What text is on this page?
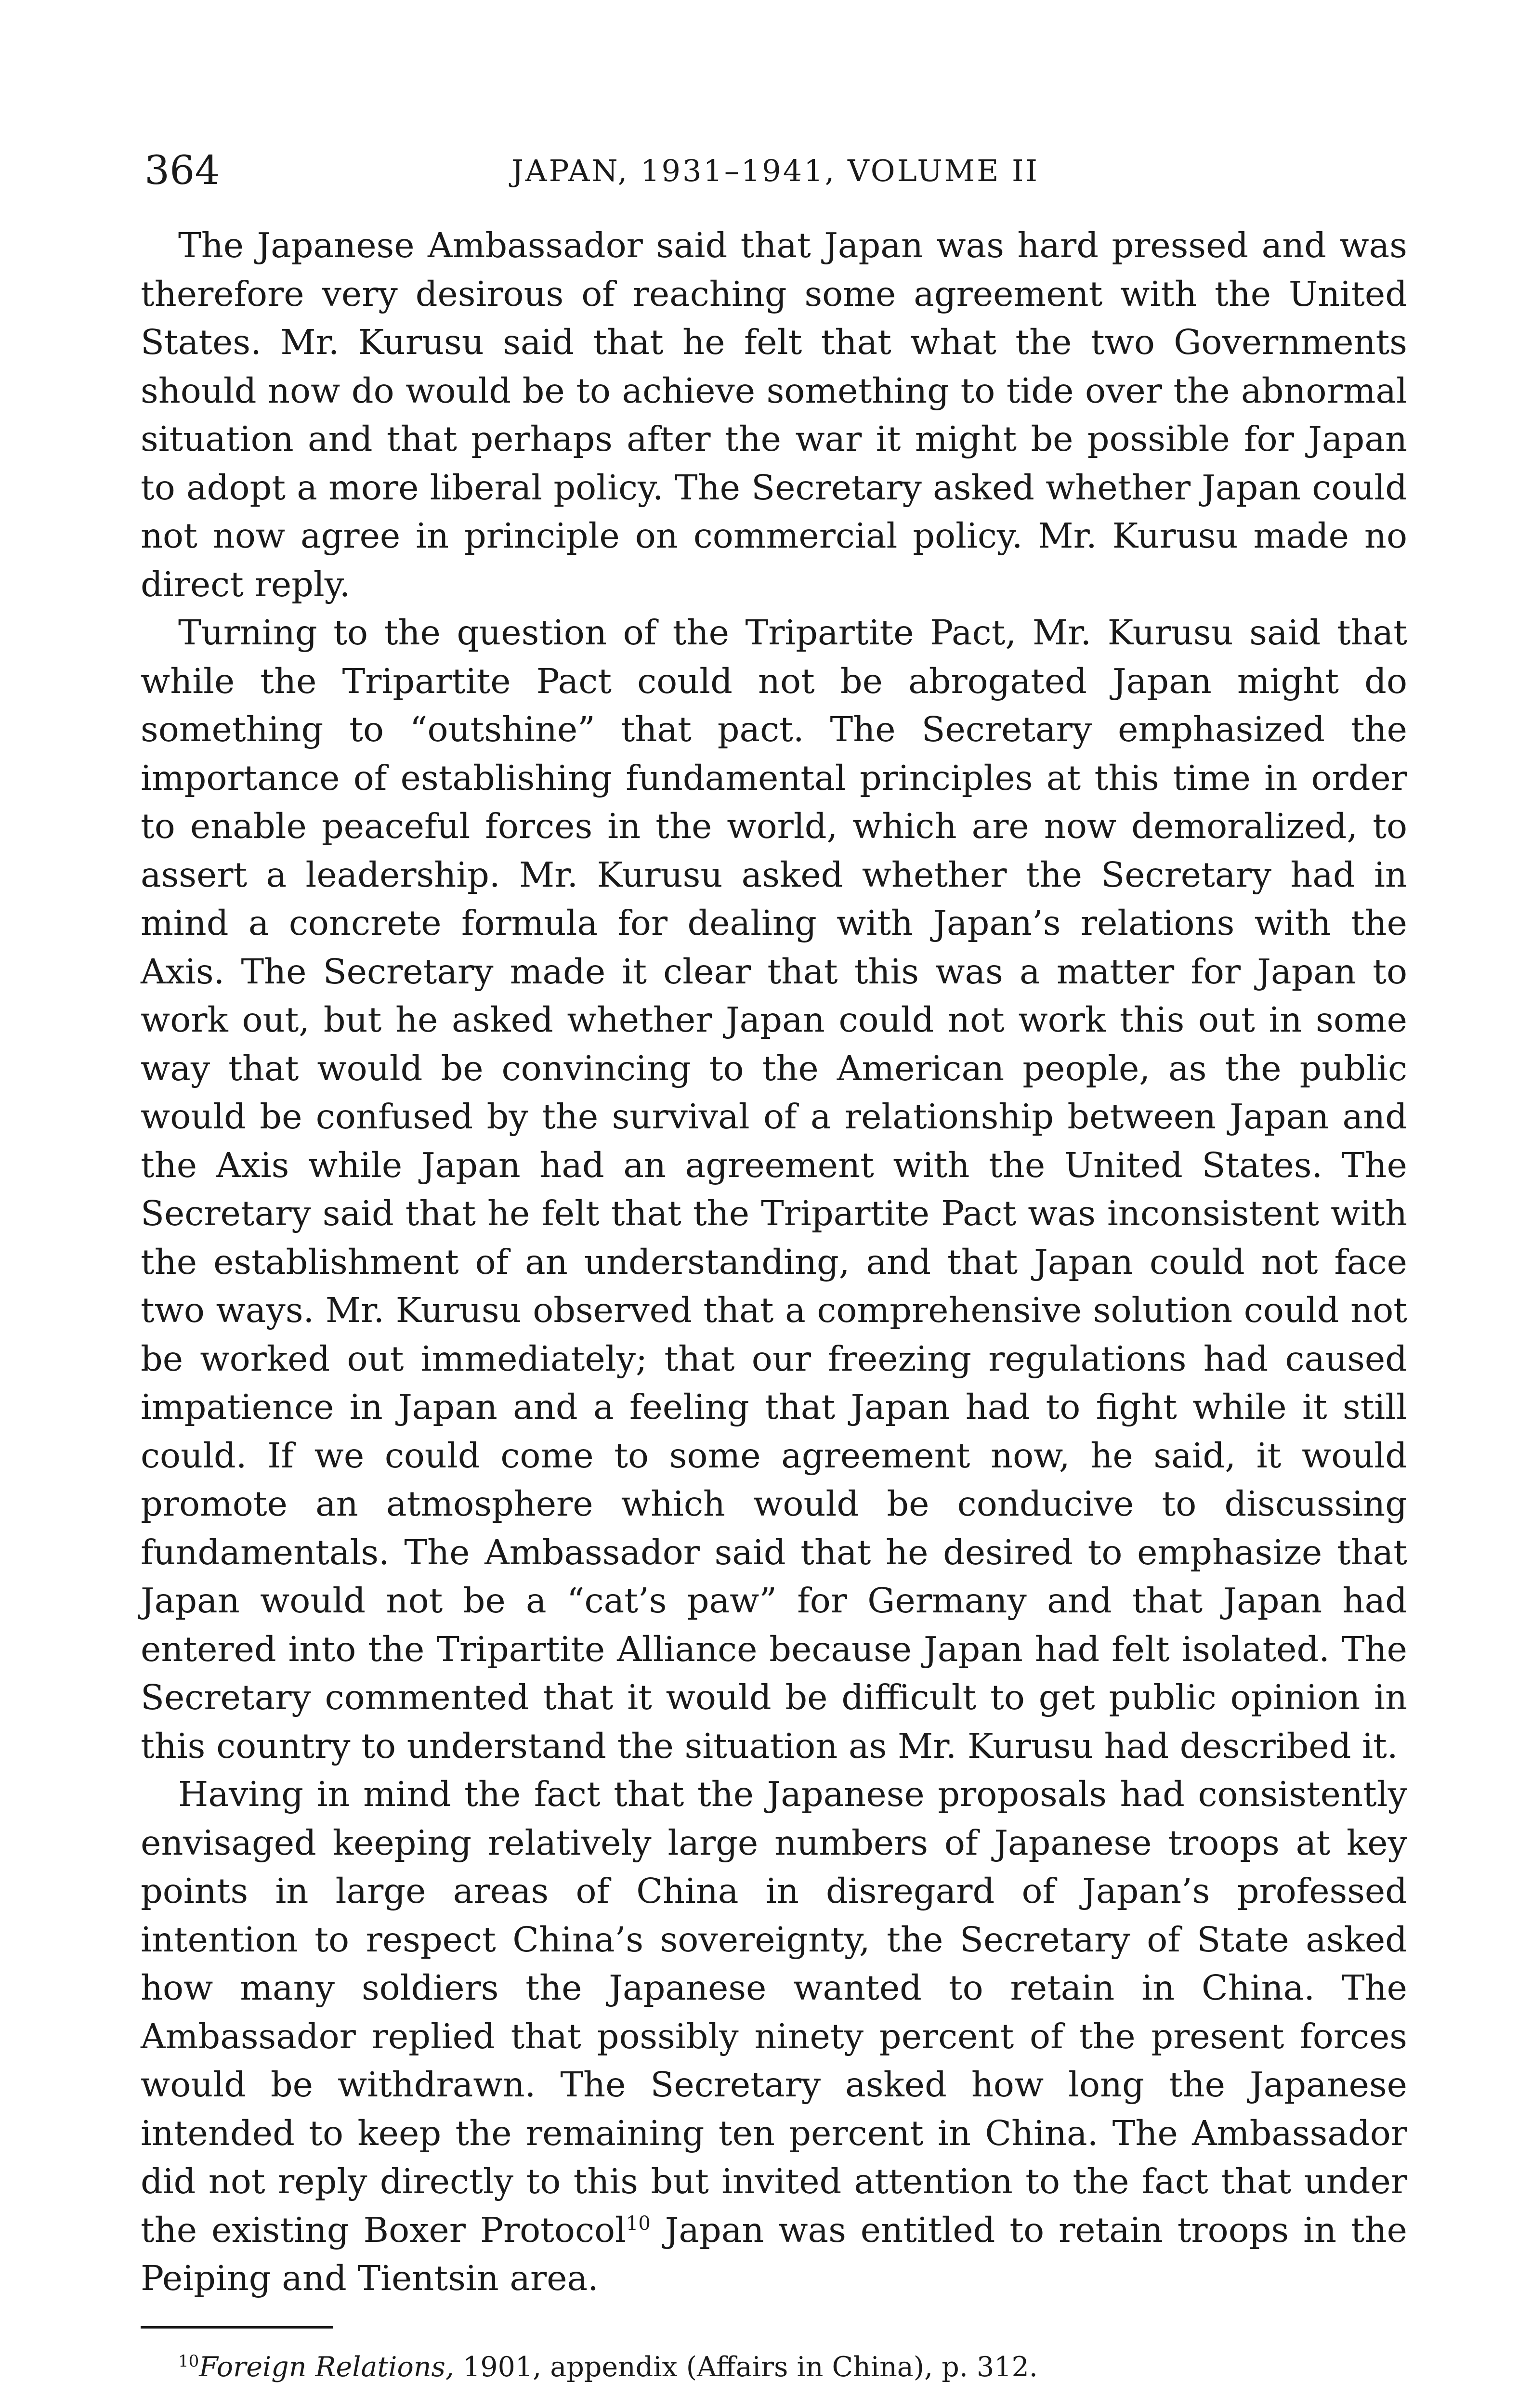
364	JAPAN, 1931–1941, VOLUME II

The Japanese Ambassador said that Japan was hard pressed and was therefore very desirous of reaching some agreement with the United States. Mr. Kurusu said that he felt that what the two Governments should now do would be to achieve something to tide over the abnormal situation and that perhaps after the war it might be possible for Japan to adopt a more liberal policy. The Secretary asked whether Japan could not now agree in principle on commercial policy. Mr. Kurusu made no direct reply.

Turning to the question of the Tripartite Pact, Mr. Kurusu said that while the Tripartite Pact could not be abrogated Japan might do something to “outshine” that pact. The Secretary emphasized the importance of establishing fundamental principles at this time in order to enable peaceful forces in the world, which are now demoralized, to assert a leadership. Mr. Kurusu asked whether the Secretary had in mind a concrete formula for dealing with Japan’s relations with the Axis. The Secretary made it clear that this was a matter for Japan to work out, but he asked whether Japan could not work this out in some way that would be convincing to the American people, as the public would be confused by the survival of a relationship between Japan and the Axis while Japan had an agreement with the United States. The Secretary said that he felt that the Tripartite Pact was inconsistent with the establishment of an understanding, and that Japan could not face two ways. Mr. Kurusu observed that a comprehensive solution could not be worked out immediately; that our freezing regulations had caused impatience in Japan and a feeling that Japan had to fight while it still could. If we could come to some agreement now, he said, it would promote an atmosphere which would be conducive to discussing fundamentals. The Ambassador said that he desired to emphasize that Japan would not be a “cat’s paw” for Germany and that Japan had entered into the Tripartite Alliance because Japan had felt isolated. The Secretary commented that it would be difficult to get public opinion in this country to understand the situation as Mr. Kurusu had described it.

Having in mind the fact that the Japanese proposals had consistently envisaged keeping relatively large numbers of Japanese troops at key points in large areas of China in disregard of Japan’s professed intention to respect China’s sovereignty, the Secretary of State asked how many soldiers the Japanese wanted to retain in China. The Ambassador replied that possibly ninety percent of the present forces would be withdrawn. The Secretary asked how long the Japanese intended to keep the remaining ten percent in China. The Ambassador did not reply directly to this but invited attention to the fact that under the existing Boxer Protocol$^{10}$ Japan was entitled to retain troops in the Peiping and Tientsin area.

$^{10}$Foreign Relations, 1901, appendix (Affairs in China), p. 312.
